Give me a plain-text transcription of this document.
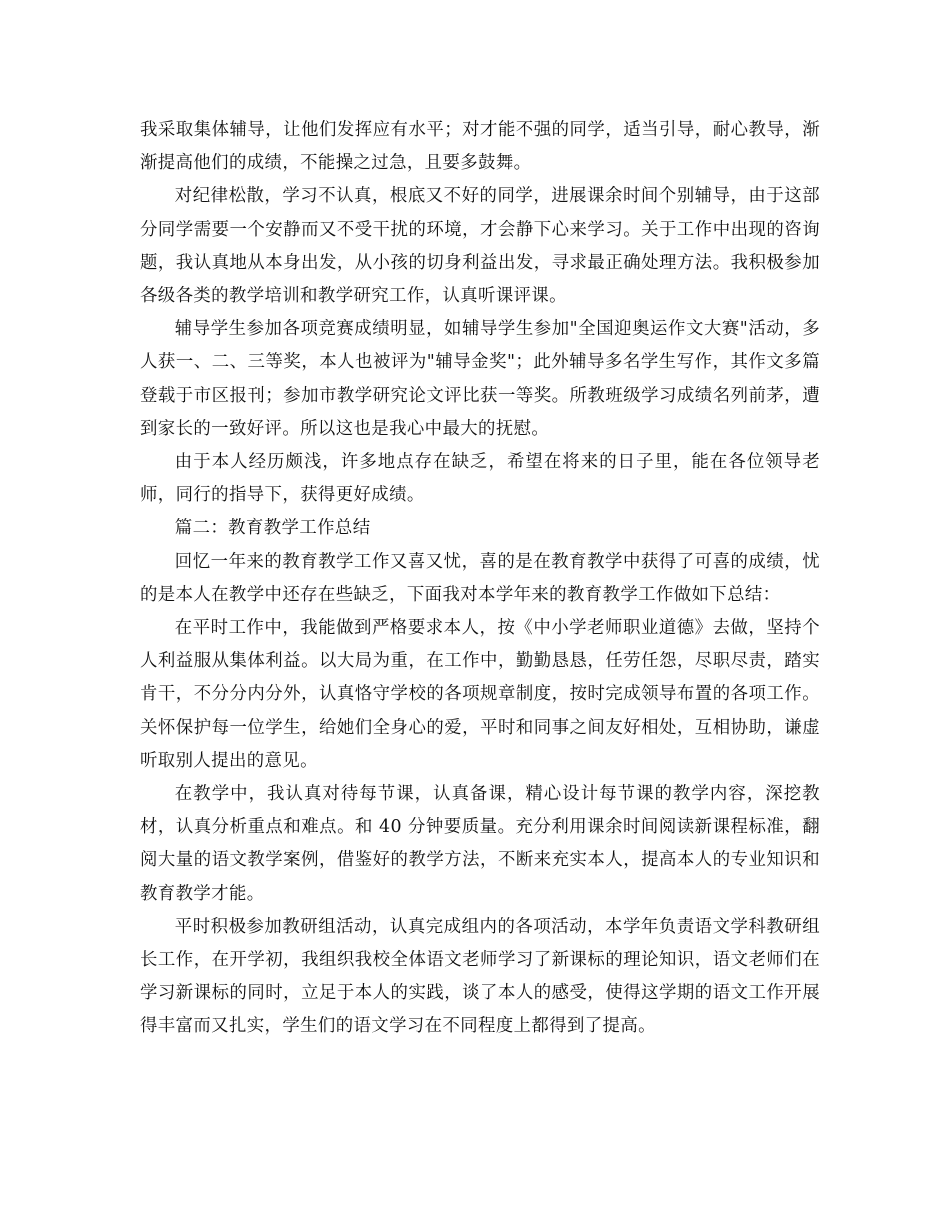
我采取集体辅导，让他们发挥应有水平；对才能不强的同学，适当引导，耐心教导，渐渐提高他们的成绩，不能操之过急，且要多鼓舞。

对纪律松散，学习不认真，根底又不好的同学，进展课余时间个别辅导，由于这部分同学需要一个安静而又不受干扰的环境，才会静下心来学习。关于工作中出现的咨询题，我认真地从本身出发，从小孩的切身利益出发，寻求最正确处理方法。我积极参加各级各类的教学培训和教学研究工作，认真听课评课。

辅导学生参加各项竞赛成绩明显，如辅导学生参加"全国迎奥运作文大赛"活动，多人获一、二、三等奖，本人也被评为"辅导金奖"；此外辅导多名学生写作，其作文多篇登载于市区报刊；参加市教学研究论文评比获一等奖。所教班级学习成绩名列前茅，遭到家长的一致好评。所以这也是我心中最大的抚慰。

由于本人经历颇浅，许多地点存在缺乏，希望在将来的日子里，能在各位领导老师，同行的指导下，获得更好成绩。

篇二：教育教学工作总结

回忆一年来的教育教学工作又喜又忧，喜的是在教育教学中获得了可喜的成绩，忧的是本人在教学中还存在些缺乏，下面我对本学年来的教育教学工作做如下总结：

在平时工作中，我能做到严格要求本人，按《中小学老师职业道德》去做，坚持个人利益服从集体利益。以大局为重，在工作中，勤勤恳恳，任劳任怨，尽职尽责，踏实肯干，不分分内分外，认真恪守学校的各项规章制度，按时完成领导布置的各项工作。关怀保护每一位学生，给她们全身心的爱，平时和同事之间友好相处，互相协助，谦虚听取别人提出的意见。

在教学中，我认真对待每节课，认真备课，精心设计每节课的教学内容，深挖教材，认真分析重点和难点。和 40 分钟要质量。充分利用课余时间阅读新课程标准，翻阅大量的语文教学案例，借鉴好的教学方法，不断来充实本人，提高本人的专业知识和教育教学才能。

平时积极参加教研组活动，认真完成组内的各项活动，本学年负责语文学科教研组长工作，在开学初，我组织我校全体语文老师学习了新课标的理论知识，语文老师们在学习新课标的同时，立足于本人的实践，谈了本人的感受，使得这学期的语文工作开展得丰富而又扎实，学生们的语文学习在不同程度上都得到了提高。
